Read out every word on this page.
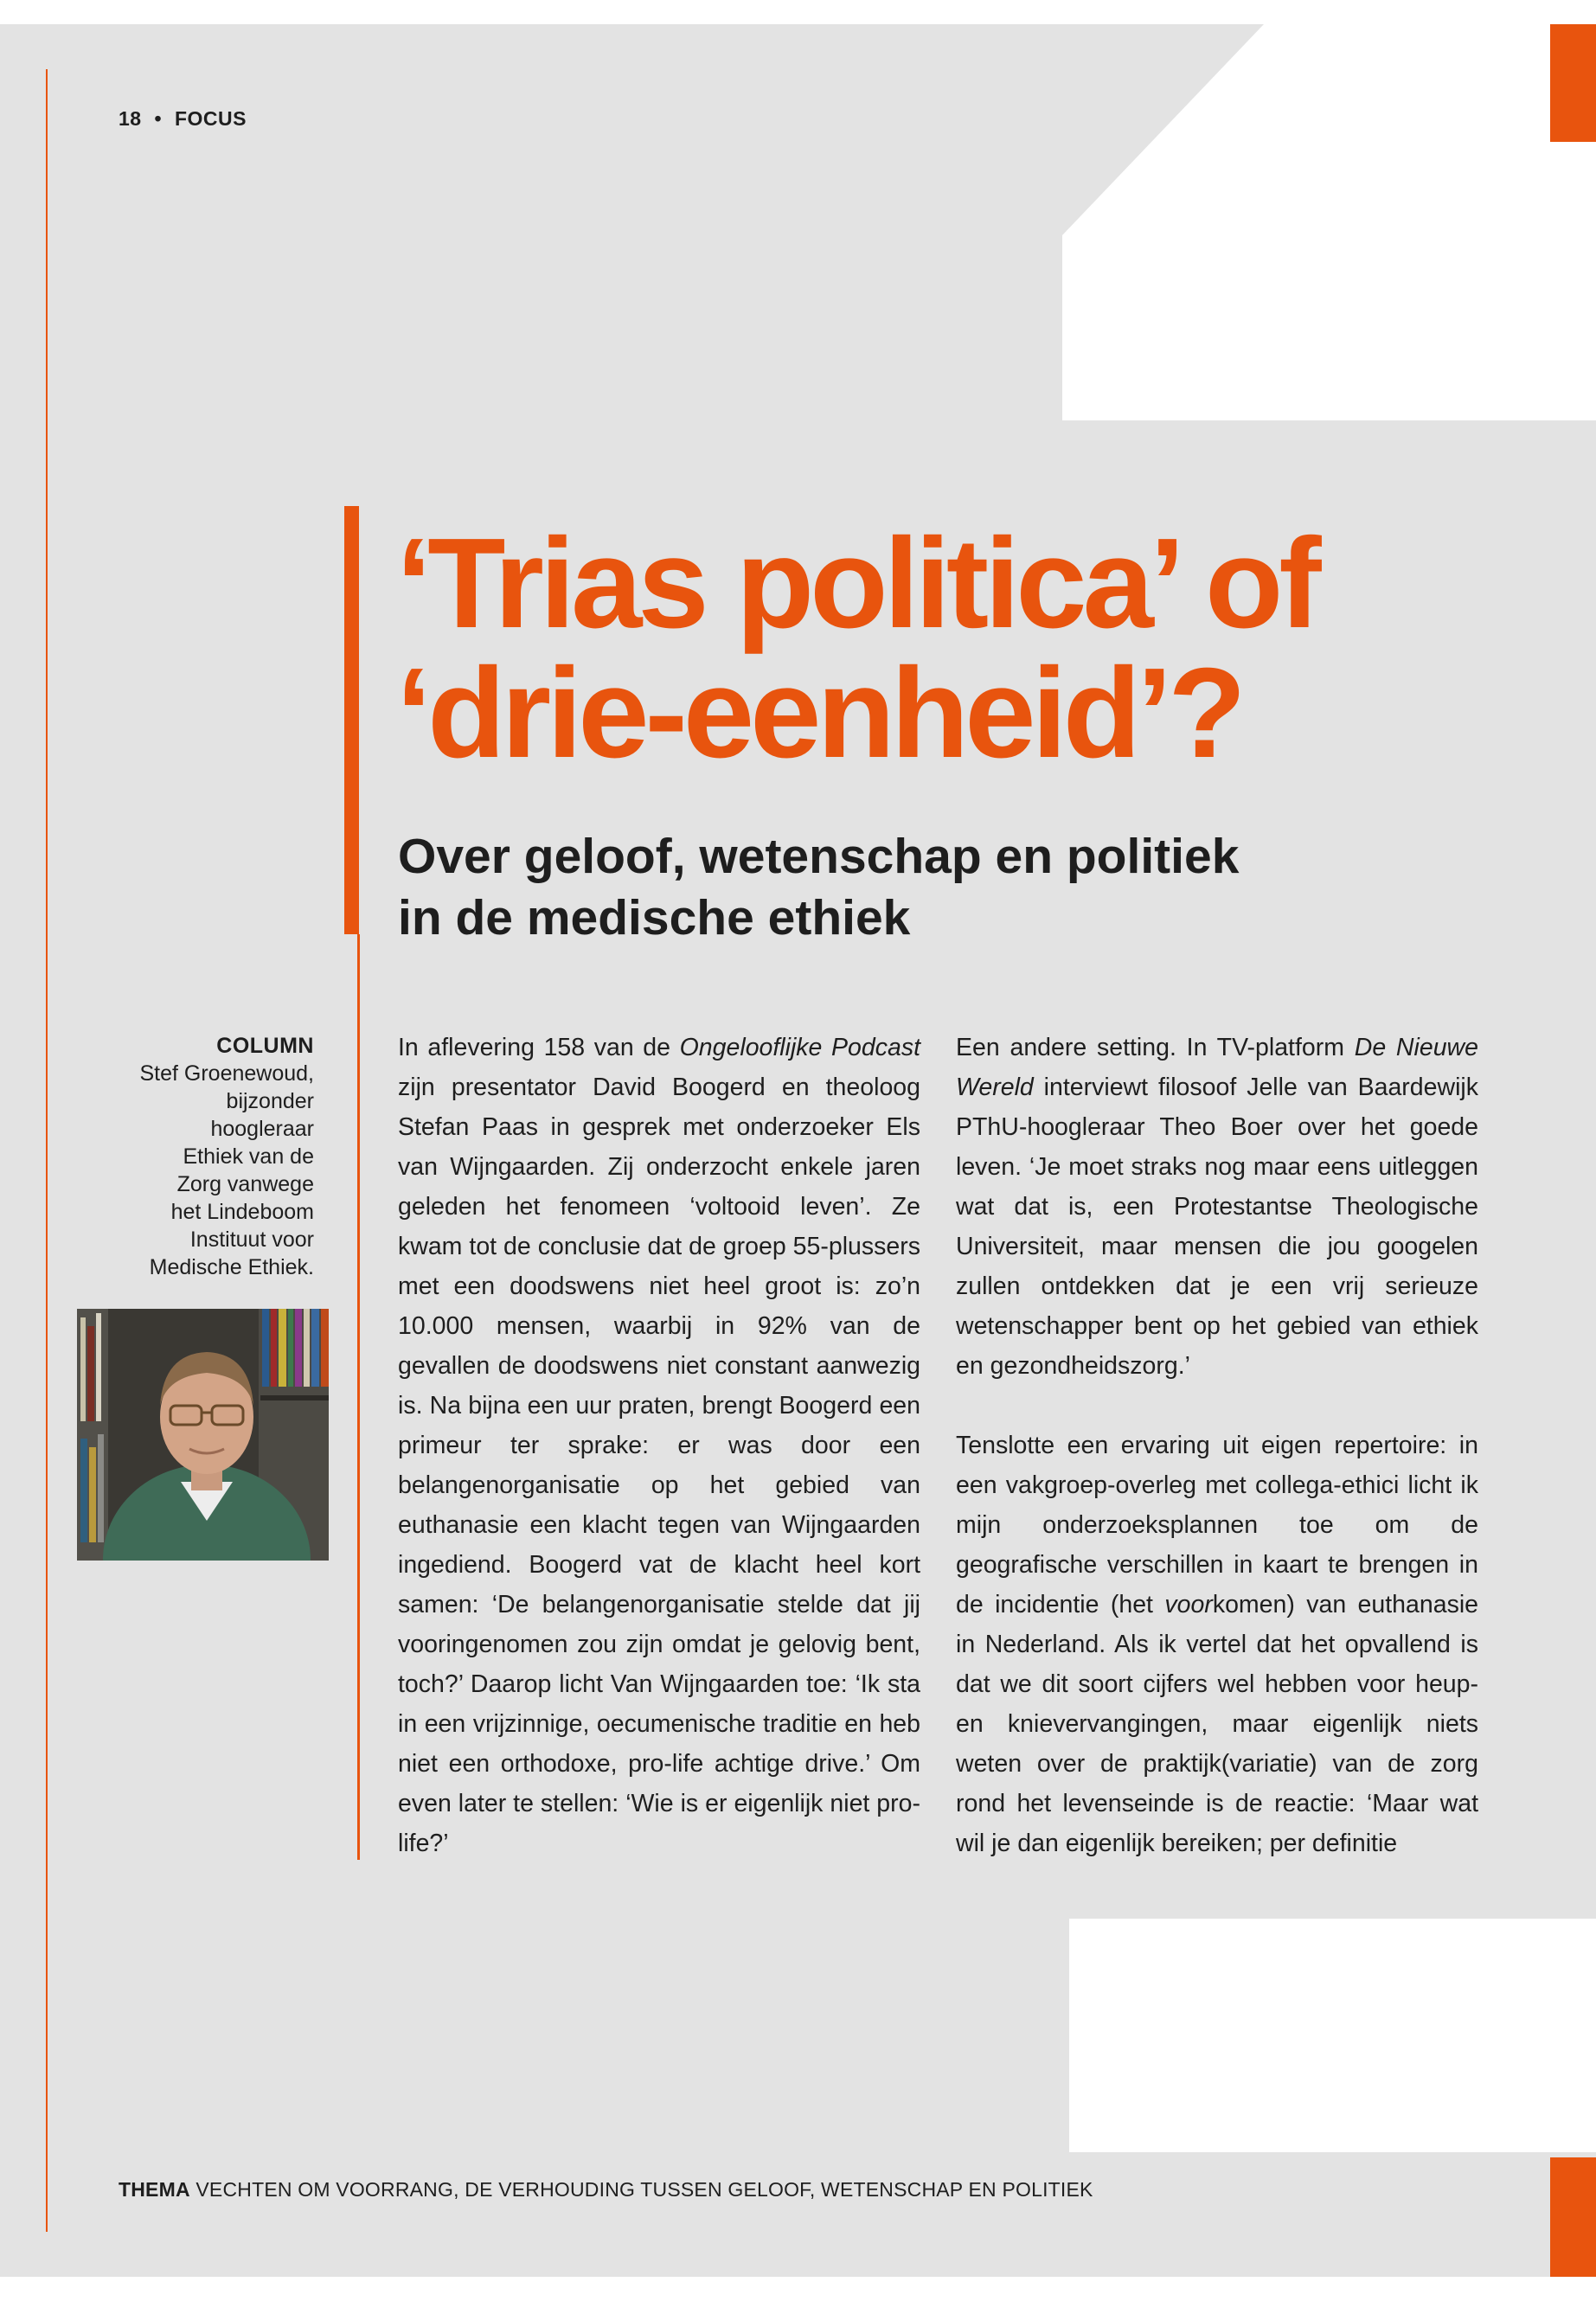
18 • FOCUS
‘Trias politica’ of
‘drie-eenheid’?
Over geloof, wetenschap en politiek
in de medische ethiek
COLUMN
Stef Groenewoud,
bijzonder
hoogleraar
Ethiek van de
Zorg vanwege
het Lindeboom
Instituut voor
Medische Ethiek.

In aflevering 158 van de Ongelooflijke Podcast zijn presentator David Boogerd en theoloog Stefan Paas in gesprek met onderzoeker Els van Wijngaarden. Zij onderzocht enkele jaren geleden het fenomeen ‘voltooid leven’. Ze kwam tot de conclusie dat de groep 55-plussers met een doodswens niet heel groot is: zo’n 10.000 mensen, waarbij in 92% van de gevallen de doodswens niet constant aanwezig is. Na bijna een uur praten, brengt Boogerd een primeur ter sprake: er was door een belangenorganisatie op het gebied van euthanasie een klacht tegen van Wijngaarden ingediend. Boogerd vat de klacht heel kort samen: ‘De belangenorganisatie stelde dat jij vooringenomen zou zijn omdat je gelovig bent, toch?’ Daarop licht Van Wijngaarden toe: ‘Ik sta in een vrijzinnige, oecumenische traditie en heb niet een orthodoxe, pro-life achtige drive.’ Om even later te stellen: ‘Wie is er eigenlijk niet pro-life?’

Een andere setting. In TV-platform De Nieuwe Wereld interviewt filosoof Jelle van Baardewijk PThU-hoogleraar Theo Boer over het goede leven. ‘Je moet straks nog maar eens uitleggen wat dat is, een Protestantse Theologische Universiteit, maar mensen die jou googelen zullen ontdekken dat je een vrij serieuze wetenschapper bent op het gebied van ethiek en gezondheidszorg.’

Tenslotte een ervaring uit eigen repertoire: in een vakgroep-overleg met collega-ethici licht ik mijn onderzoeksplannen toe om de geografische verschillen in kaart te brengen in de incidentie (het voorkomen) van euthanasie in Nederland. Als ik vertel dat het opvallend is dat we dit soort cijfers wel hebben voor heup- en knievervangingen, maar eigenlijk niets weten over de praktijk(variatie) van de zorg rond het levenseinde is de reactie: ‘Maar wat wil je dan eigenlijk bereiken; per definitie

THEMA VECHTEN OM VOORRANG, DE VERHOUDING TUSSEN GELOOF, WETENSCHAP EN POLITIEK
